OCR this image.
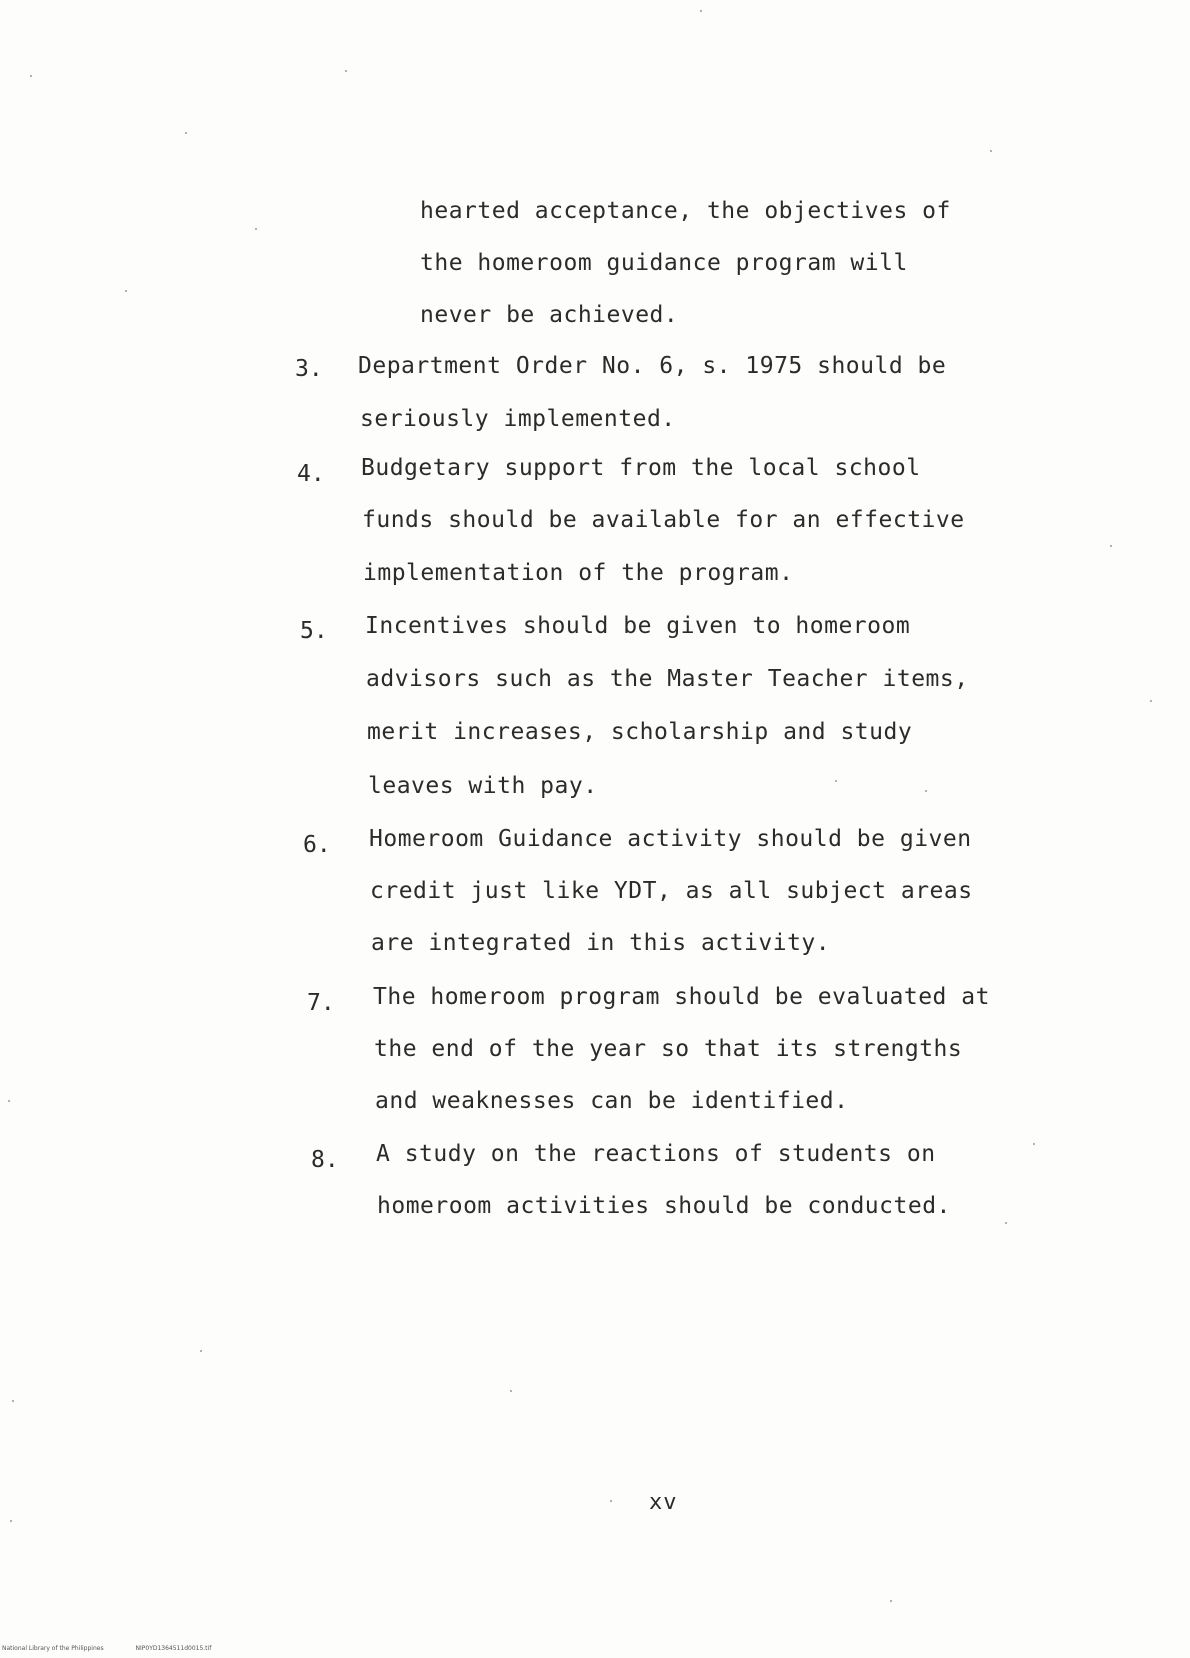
hearted acceptance, the objectives of
the homeroom guidance program will
never be achieved.
3. Department Order No. 6, s. 1975 should be
seriously implemented.
4. Budgetary support from the local school
funds should be available for an effective
implementation of the program.
5. Incentives should be given to homeroom
advisors such as the Master Teacher items,
merit increases, scholarship and study
leaves with pay.
6. Homeroom Guidance activity should be given
credit just like YDT, as all subject areas
are integrated in this activity.
7. The homeroom program should be evaluated at
the end of the year so that its strengths
and weaknesses can be identified.
8. A study on the reactions of students on
homeroom activities should be conducted.
xv
National Library of the Philippines	NIP0YD1364511d0015.tif
